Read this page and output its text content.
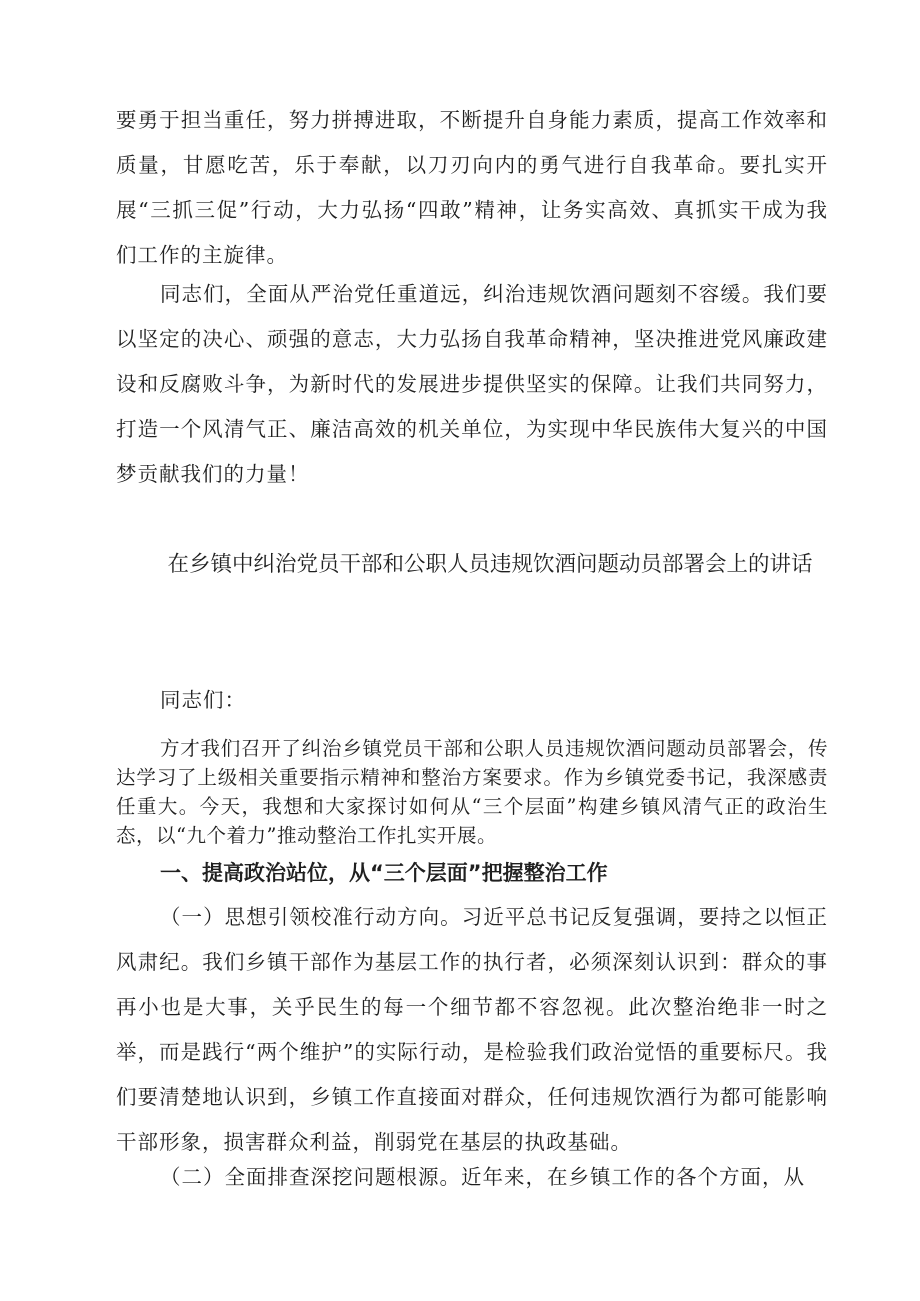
要勇于担当重任，努力拼搏进取，不断提升自身能力素质，提高工作效率和质量，甘愿吃苦，乐于奉献，以刀刃向内的勇气进行自我革命。要扎实开展“三抓三促”行动，大力弘扬“四敢”精神，让务实高效、真抓实干成为我们工作的主旋律。

同志们，全面从严治党任重道远，纠治违规饮酒问题刻不容缓。我们要以坚定的决心、顽强的意志，大力弘扬自我革命精神，坚决推进党风廉政建设和反腐败斗争，为新时代的发展进步提供坚实的保障。让我们共同努力，打造一个风清气正、廉洁高效的机关单位，为实现中华民族伟大复兴的中国梦贡献我们的力量！

在乡镇中纠治党员干部和公职人员违规饮酒问题动员部署会上的讲话

同志们：

方才我们召开了纠治乡镇党员干部和公职人员违规饮酒问题动员部署会，传达学习了上级相关重要指示精神和整治方案要求。作为乡镇党委书记，我深感责任重大。今天，我想和大家探讨如何从“三个层面”构建乡镇风清气正的政治生态，以“九个着力”推动整治工作扎实开展。

一、提高政治站位，从“三个层面”把握整治工作

（一）思想引领校准行动方向。习近平总书记反复强调，要持之以恒正风肃纪。我们乡镇干部作为基层工作的执行者，必须深刻认识到：群众的事再小也是大事，关乎民生的每一个细节都不容忽视。此次整治绝非一时之举，而是践行“两个维护”的实际行动，是检验我们政治觉悟的重要标尺。我们要清楚地认识到，乡镇工作直接面对群众，任何违规饮酒行为都可能影响干部形象，损害群众利益，削弱党在基层的执政基础。

（二）全面排查深挖问题根源。近年来，在乡镇工作的各个方面，从
